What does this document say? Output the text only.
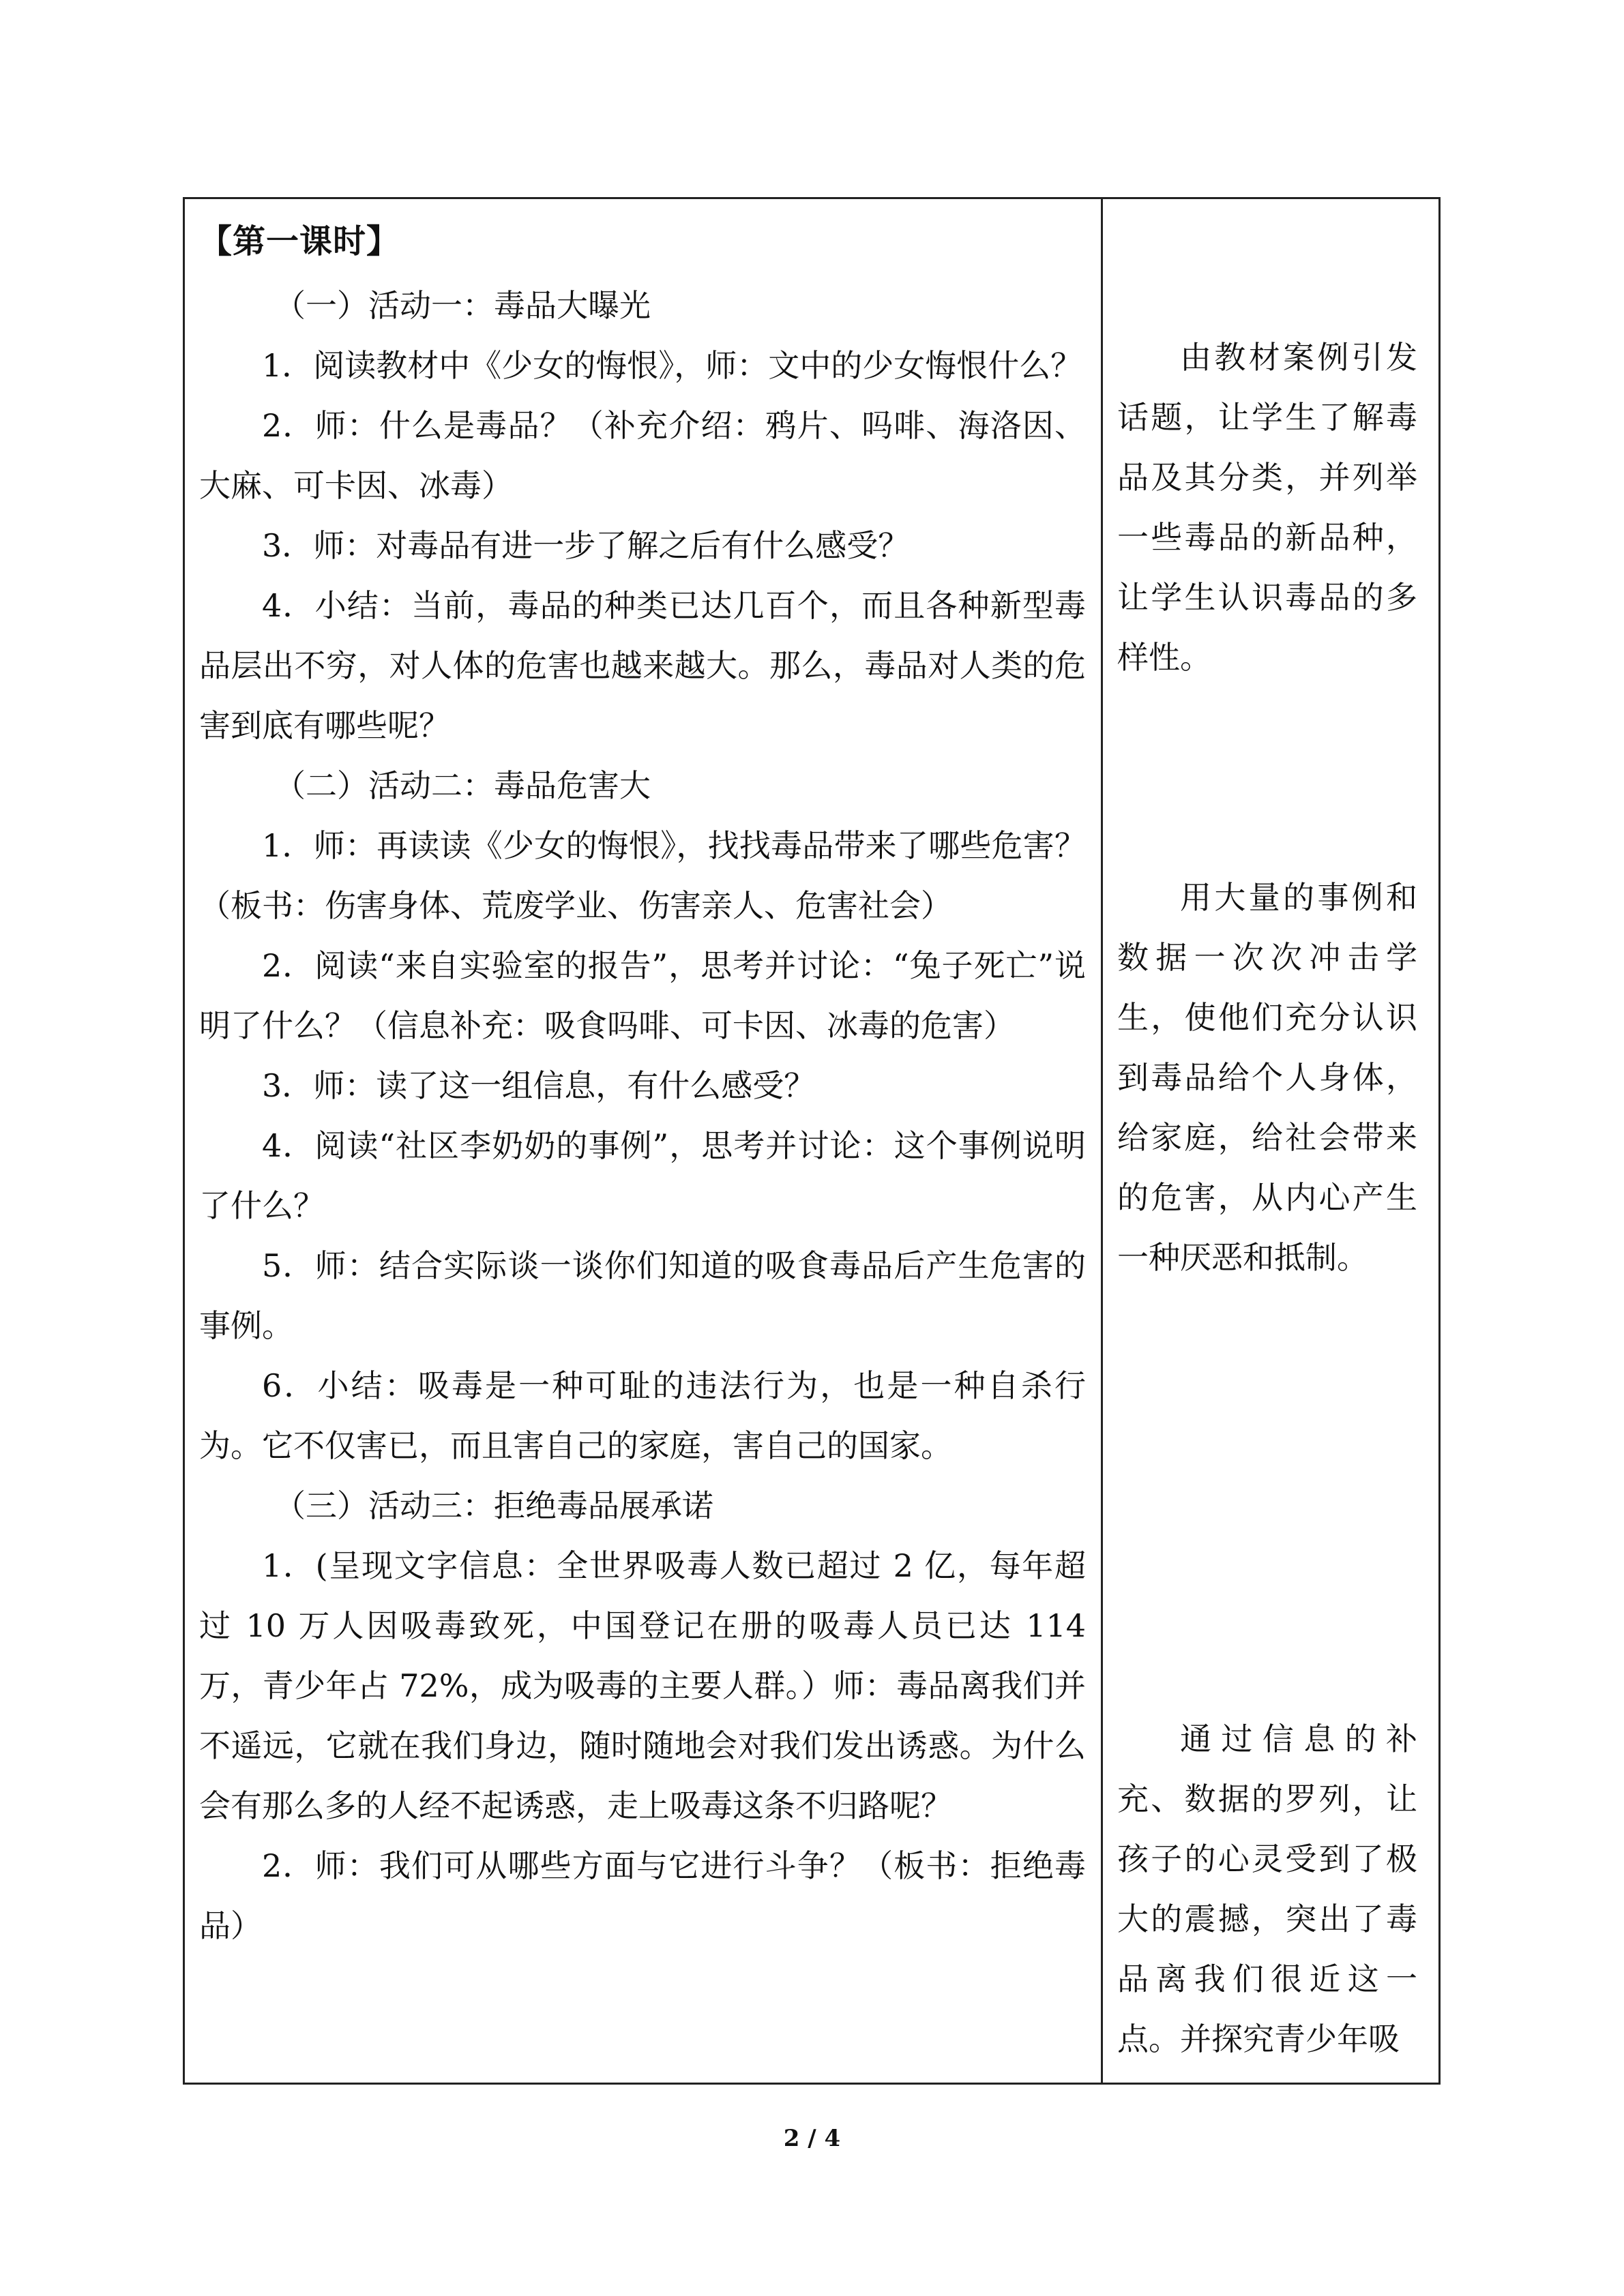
【第一课时】

（一）活动一：毒品大曝光

1．阅读教材中《少女的悔恨》，师：文中的少女悔恨什么？

2．师：什么是毒品？（补充介绍：鸦片、吗啡、海洛因、大麻、可卡因、冰毒）

3．师：对毒品有进一步了解之后有什么感受？

4．小结：当前，毒品的种类已达几百个，而且各种新型毒品层出不穷，对人体的危害也越来越大。那么，毒品对人类的危害到底有哪些呢？

（二）活动二：毒品危害大

1．师：再读读《少女的悔恨》，找找毒品带来了哪些危害？（板书：伤害身体、荒废学业、伤害亲人、危害社会）

2．阅读“来自实验室的报告”，思考并讨论：“兔子死亡”说明了什么？（信息补充：吸食吗啡、可卡因、冰毒的危害）

3．师：读了这一组信息，有什么感受？

4．阅读“社区李奶奶的事例”，思考并讨论：这个事例说明了什么？

5．师：结合实际谈一谈你们知道的吸食毒品后产生危害的事例。

6．小结：吸毒是一种可耻的违法行为，也是一种自杀行为。它不仅害已，而且害自己的家庭，害自己的国家。

（三）活动三：拒绝毒品展承诺

1．(呈现文字信息：全世界吸毒人数已超过 2 亿，每年超过 10 万人因吸毒致死，中国登记在册的吸毒人员已达 114 万，青少年占 72%，成为吸毒的主要人群。）师：毒品离我们并不遥远，它就在我们身边，随时随地会对我们发出诱惑。为什么会有那么多的人经不起诱惑，走上吸毒这条不归路呢？

2．师：我们可从哪些方面与它进行斗争？（板书：拒绝毒品）

由教材案例引发话题，让学生了解毒品及其分类，并列举一些毒品的新品种，让学生认识毒品的多样性。

用大量的事例和数据一次次冲击学生，使他们充分认识到毒品给个人身体，给家庭，给社会带来的危害，从内心产生一种厌恶和抵制。

通过信息的补充、数据的罗列，让孩子的心灵受到了极大的震撼，突出了毒品离我们很近这一点。并探究青少年吸

2 / 4
